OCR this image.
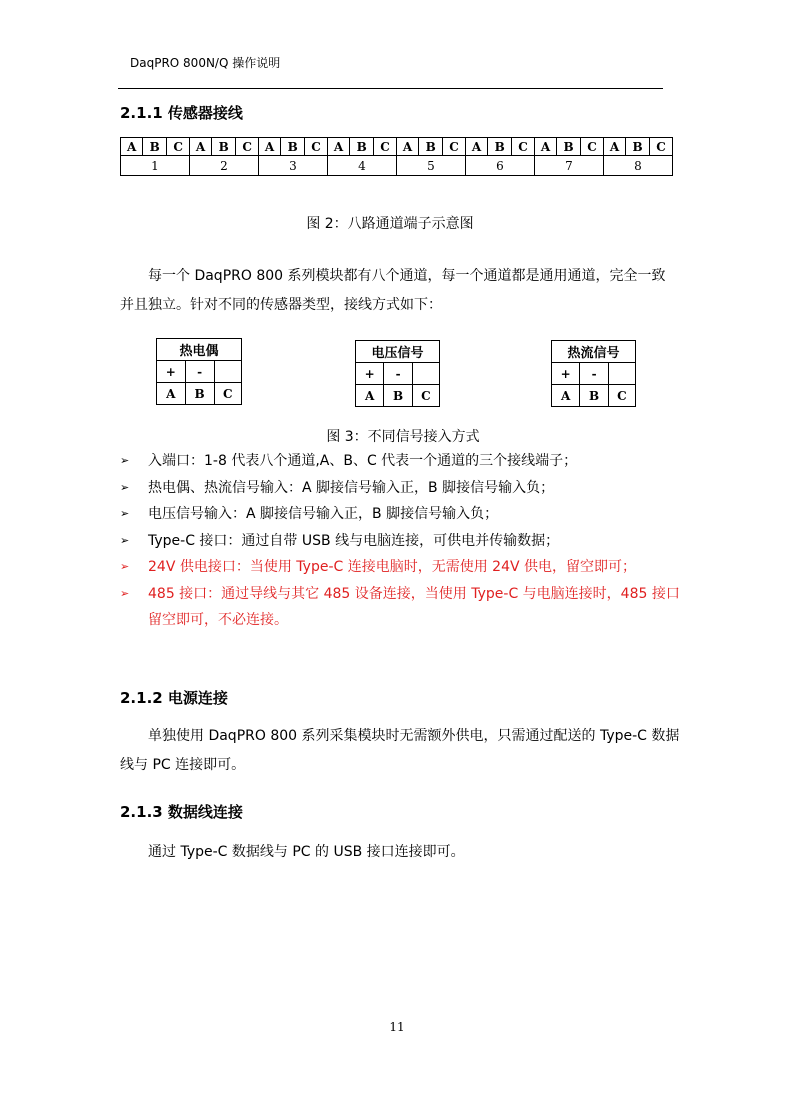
DaqPRO 800N/Q 操作说明
2.1.1 传感器接线
A	B	C	A	B	C	A	B	C	A	B	C	A	B	C	A	B	C	A	B	C	A	B	C
1			2			3			4			5			6			7			8		
图 2：八路通道端子示意图
每一个 DaqPRO 800 系列模块都有八个通道，每一个通道都是通用通道，完全一致
并且独立。针对不同的传感器类型，接线方式如下：
热电偶		
+	-	
A	B	C
电压信号		
+	-	
A	B	C
热流信号		
+	-	
A	B	C
图 3：不同信号接入方式
➢ 入端口：1-8 代表八个通道,A、B、C 代表一个通道的三个接线端子；
➢ 热电偶、热流信号输入：A 脚接信号输入正，B 脚接信号输入负；
➢ 电压信号输入：A 脚接信号输入正，B 脚接信号输入负；
➢ Type-C 接口：通过自带 USB 线与电脑连接，可供电并传输数据；
➢ 24V 供电接口：当使用 Type-C 连接电脑时，无需使用 24V 供电，留空即可；
➢ 485 接口：通过导线与其它 485 设备连接，当使用 Type-C 与电脑连接时，485 接口
留空即可，不必连接。
2.1.2 电源连接
单独使用 DaqPRO 800 系列采集模块时无需额外供电，只需通过配送的 Type-C 数据
线与 PC 连接即可。
2.1.3 数据线连接
通过 Type-C 数据线与 PC 的 USB 接口连接即可。
11
